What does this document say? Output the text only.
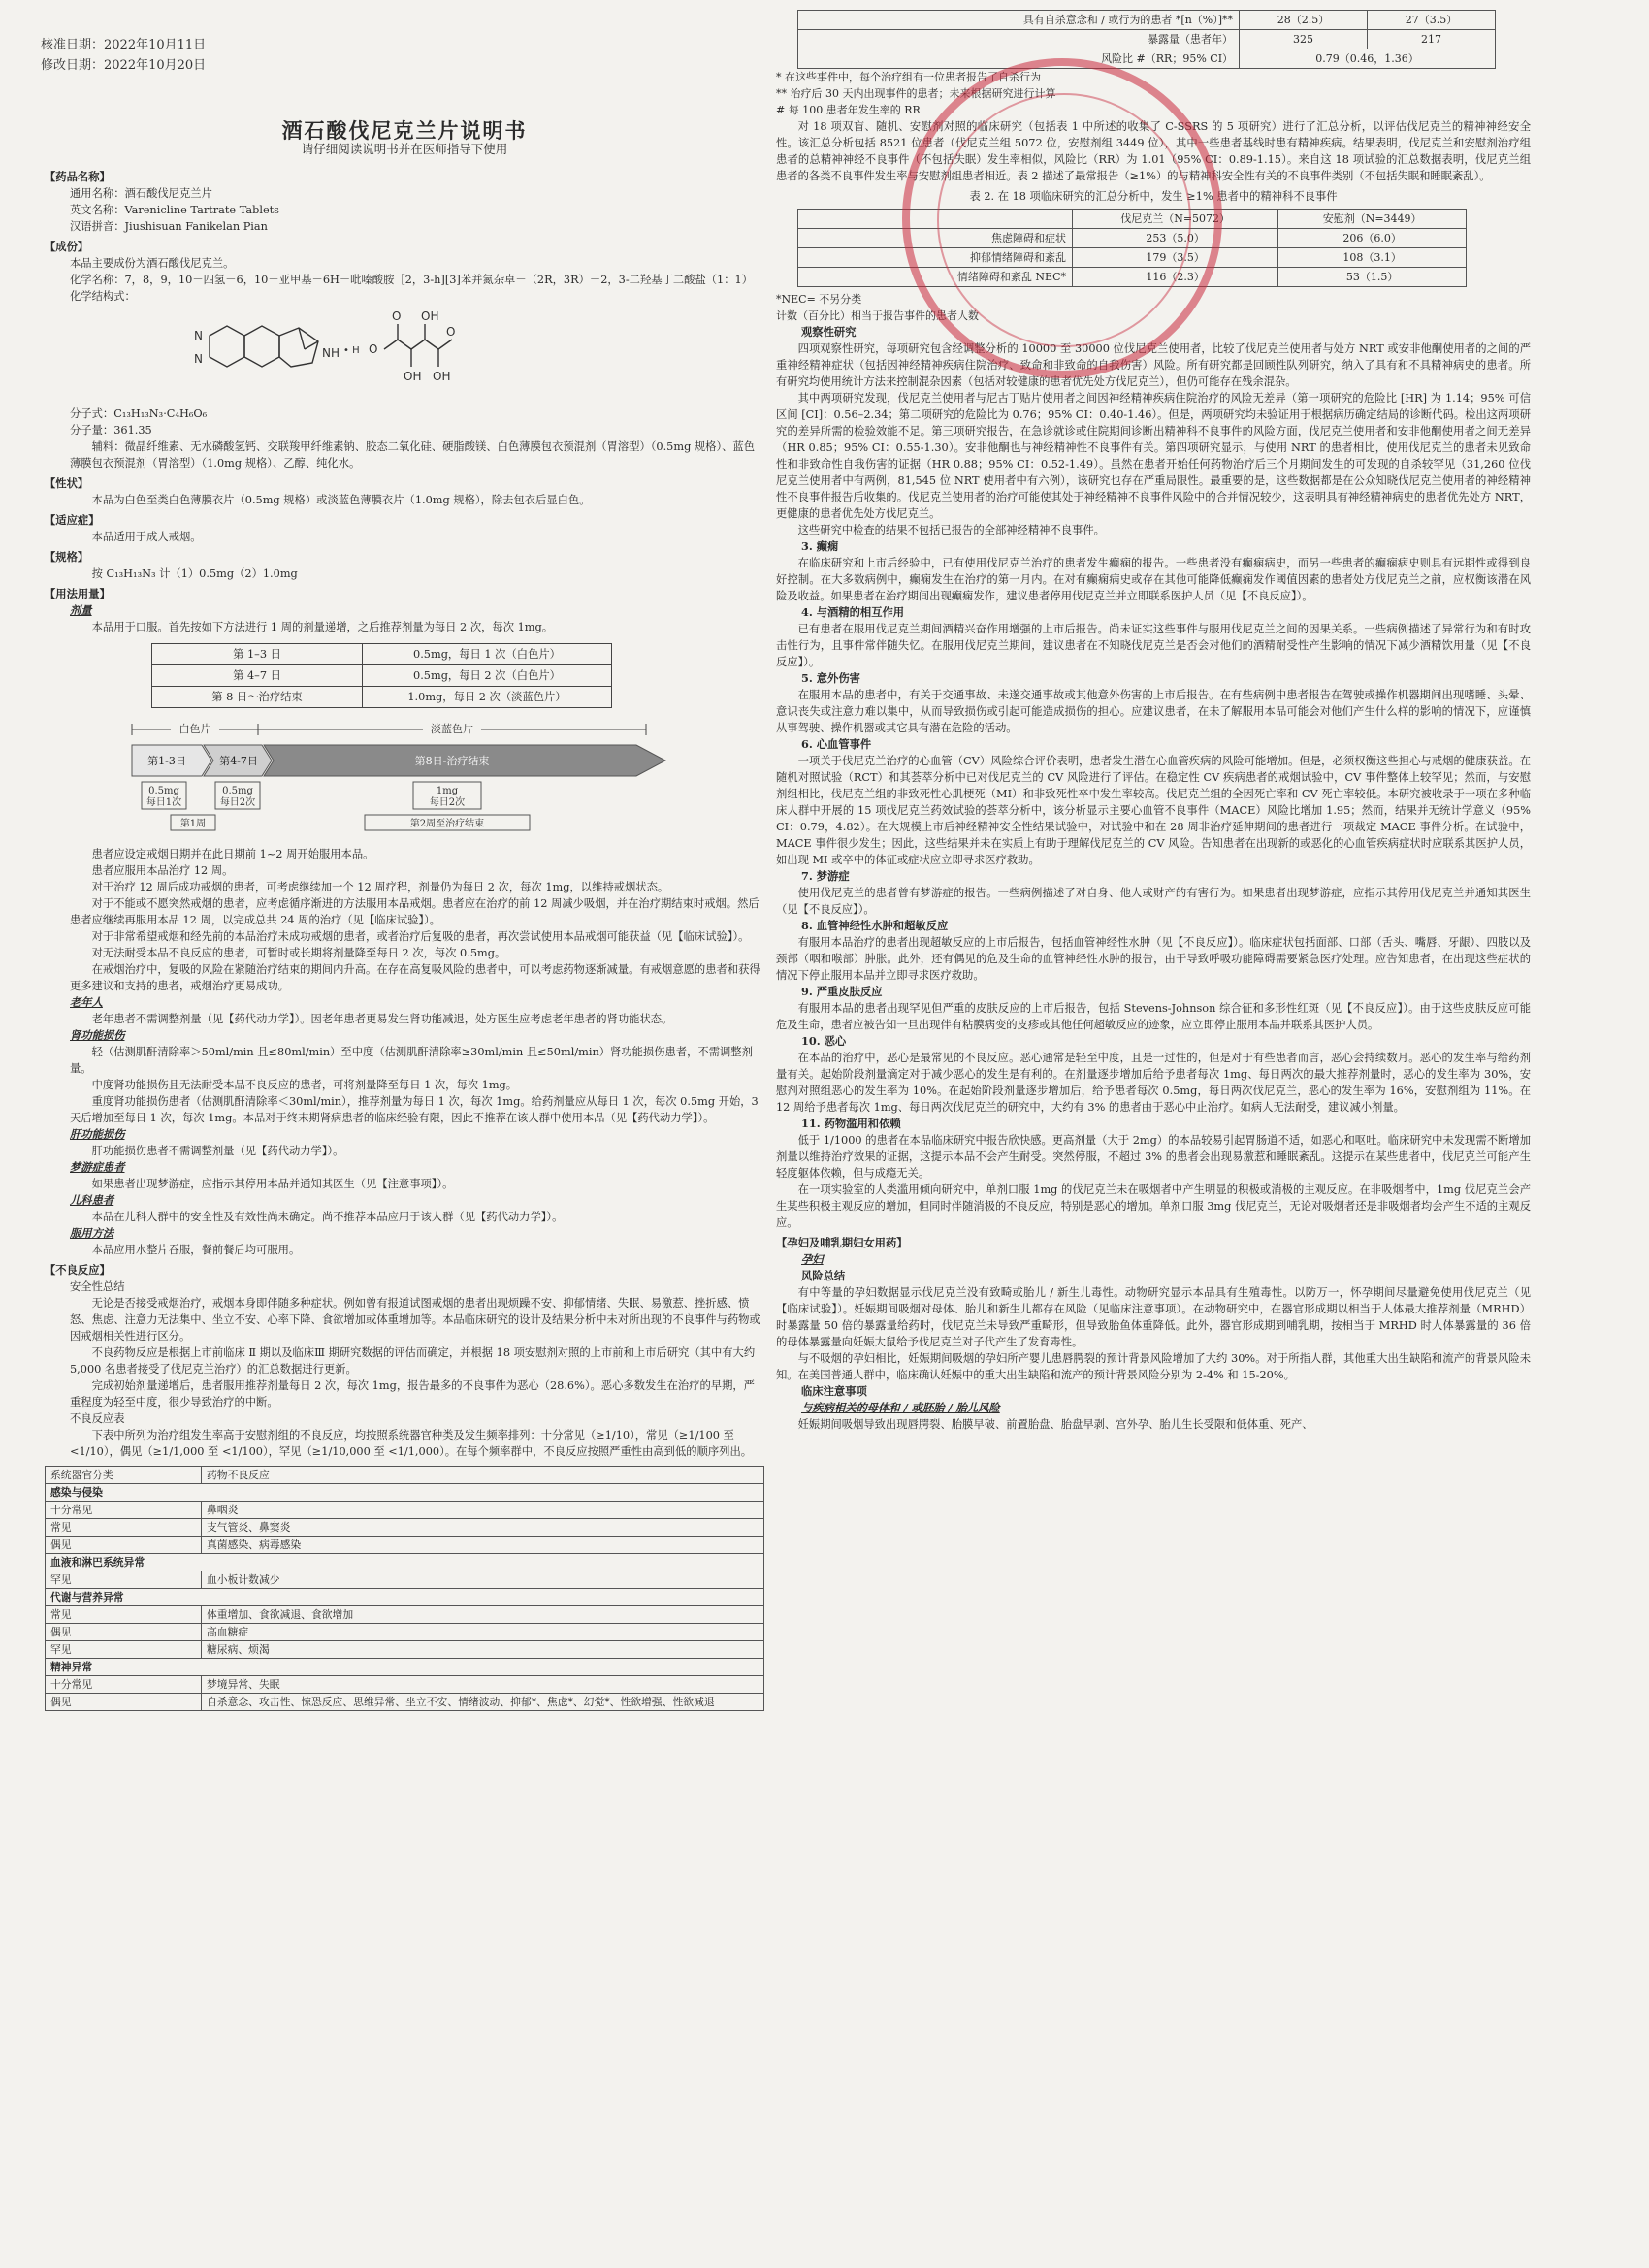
核准日期：2022年10月11日
修改日期：2022年10月20日
酒石酸伐尼克兰片说明书
请仔细阅读说明书并在医师指导下使用
【药品名称】
通用名称：酒石酸伐尼克兰片
英文名称：Varenicline Tartrate Tablets
汉语拼音：Jiushisuan Fanikelan Pian
【成份】
本品主要成份为酒石酸伐尼克兰。
化学名称：7，8，9，10－四氢－6，10－亚甲基－6H－吡嗪酸胺［2，3-h][3]苯并氮杂卓－（2R，3R）－2，3-二羟基丁二酸盐（1：1）
化学结构式：
N
N	NH • H O
O OH
OH
O
OH
分子式：C₁₃H₁₃N₃·C₄H₆O₆
分子量：361.35

辅料：微晶纤维素、无水磷酸氢钙、交联羧甲纤维素钠、胶态二氧化硅、硬脂酸镁、白色薄膜包衣预混剂（胃溶型）（0.5mg 规格）、蓝色薄膜包衣预混剂（胃溶型）（1.0mg 规格）、乙醇、纯化水。

【性状】

本品为白色至类白色薄膜衣片（0.5mg 规格）或淡蓝色薄膜衣片（1.0mg 规格），除去包衣后显白色。

【适应症】

本品适用于成人戒烟。

【规格】

按 C₁₃H₁₃N₃ 计（1）0.5mg（2）1.0mg

【用法用量】
剂量

本品用于口服。首先按如下方法进行 1 周的剂量递增，之后推荐剂量为每日 2 次，每次 1mg。

第 1–3 日	0.5mg，每日 1 次（白色片）
第 4–7 日	0.5mg，每日 2 次（白色片）
第 8 日～治疗结束	1.0mg，每日 2 次（淡蓝色片）
白色片	淡蓝色片
第1-3日	第4-7日	第8日-治疗结束
0.5mg
每日1次
0.5mg
每日2次
1mg
每日2次
第1周	第2周至治疗结束

患者应设定戒烟日期并在此日期前 1~2 周开始服用本品。

患者应服用本品治疗 12 周。

对于治疗 12 周后成功戒烟的患者，可考虑继续加一个 12 周疗程，剂量仍为每日 2 次，每次 1mg，以维持戒烟状态。

对于不能或不愿突然戒烟的患者，应考虑循序渐进的方法服用本品戒烟。患者应在治疗的前 12 周减少吸烟，并在治疗期结束时戒烟。然后患者应继续再服用本品 12 周，以完成总共 24 周的治疗（见【临床试验】）。

对于非常希望戒烟和经先前的本品治疗未成功戒烟的患者，或者治疗后复吸的患者，再次尝试使用本品戒烟可能获益（见【临床试验】）。

对无法耐受本品不良反应的患者，可暂时或长期将剂量降至每日 2 次，每次 0.5mg。

在戒烟治疗中，复吸的风险在紧随治疗结束的期间内升高。在存在高复吸风险的患者中，可以考虑药物逐渐减量。有戒烟意愿的患者和获得更多建议和支持的患者，戒烟治疗更易成功。

老年人

老年患者不需调整剂量（见【药代动力学】）。因老年患者更易发生肾功能减退，处方医生应考虑老年患者的肾功能状态。

肾功能损伤

轻（估测肌酐清除率＞50ml/min 且≤80ml/min）至中度（估测肌酐清除率≥30ml/min 且≤50ml/min）肾功能损伤患者，不需调整剂量。

中度肾功能损伤且无法耐受本品不良反应的患者，可将剂量降至每日 1 次，每次 1mg。

重度肾功能损伤患者（估测肌酐清除率＜30ml/min），推荐剂量为每日 1 次，每次 1mg。给药剂量应从每日 1 次，每次 0.5mg 开始，3 天后增加至每日 1 次，每次 1mg。本品对于终末期肾病患者的临床经验有限，因此不推荐在该人群中使用本品（见【药代动力学】）。

肝功能损伤

肝功能损伤患者不需调整剂量（见【药代动力学】）。

梦游症患者

如果患者出现梦游症，应指示其停用本品并通知其医生（见【注意事项】）。

儿科患者

本品在儿科人群中的安全性及有效性尚未确定。尚不推荐本品应用于该人群（见【药代动力学】）。

服用方法

本品应用水整片吞服，餐前餐后均可服用。

【不良反应】
安全性总结

无论是否接受戒烟治疗，戒烟本身即伴随多种症状。例如曾有报道试图戒烟的患者出现烦躁不安、抑郁情绪、失眠、易激惹、挫折感、愤怒、焦虑、注意力无法集中、坐立不安、心率下降、食欲增加或体重增加等。本品临床研究的设计及结果分析中未对所出现的不良事件与药物或因戒烟相关性进行区分。

不良药物反应是根据上市前临床 Ⅱ 期以及临床Ⅲ 期研究数据的评估而确定，并根据 18 项安慰剂对照的上市前和上市后研究（其中有大约 5,000 名患者接受了伐尼克兰治疗）的汇总数据进行更新。

完成初始剂量递增后，患者服用推荐剂量每日 2 次，每次 1mg，报告最多的不良事件为恶心（28.6%）。恶心多数发生在治疗的早期，严重程度为轻至中度，很少导致治疗的中断。

不良反应表

下表中所列为治疗组发生率高于安慰剂组的不良反应，均按照系统器官种类及发生频率排列：十分常见（≥1/10），常见（≥1/100 至 <1/10），偶见（≥1/1,000 至 <1/100），罕见（≥1/10,000 至 <1/1,000）。在每个频率群中，不良反应按照严重性由高到低的顺序列出。

系统器官分类	药物不良反应
感染与侵染	
十分常见	鼻咽炎
常见	支气管炎、鼻窦炎
偶见	真菌感染、病毒感染
血液和淋巴系统异常	
罕见	血小板计数减少
代谢与营养异常	
常见	体重增加、食欲减退、食欲增加
偶见	高血糖症
罕见	糖尿病、烦渴
精神异常	
十分常见	梦境异常、失眠
偶见	自杀意念、攻击性、惊恐反应、思维异常、坐立不安、情绪波动、抑郁*、焦虑*、幻觉*、性欲增强、性欲减退
具有自杀意念和 / 或行为的患者 *[n（%）]**	28（2.5）	27（3.5）
暴露量（患者年）	325	217
风险比 #（RR；95% CI）	0.79（0.46，1.36）	
* 在这些事件中，每个治疗组有一位患者报告了自杀行为
** 治疗后 30 天内出现事件的患者；未来根据研究进行计算
# 每 100 患者年发生率的 RR

对 18 项双盲、随机、安慰剂对照的临床研究（包括表 1 中所述的收集了 C-SSRS 的 5 项研究）进行了汇总分析，以评估伐尼克兰的精神神经安全性。该汇总分析包括 8521 位患者（伐尼克兰组 5072 位，安慰剂组 3449 位），其中一些患者基线时患有精神疾病。结果表明，伐尼克兰和安慰剂治疗组患者的总精神神经不良事件（不包括失眠）发生率相似，风险比（RR）为 1.01（95% CI：0.89-1.15）。来自这 18 项试验的汇总数据表明，伐尼克兰组患者的各类不良事件发生率与安慰剂组患者相近。表 2 描述了最常报告（≥1%）的与精神科安全性有关的不良事件类别（不包括失眠和睡眠紊乱）。

表 2. 在 18 项临床研究的汇总分析中，发生 ≥1% 患者中的精神科不良事件
	伐尼克兰（N=5072）	安慰剂（N=3449）
焦虑障碍和症状	253（5.0）	206（6.0）
抑郁情绪障碍和紊乱	179（3.5）	108（3.1）
情绪障碍和紊乱 NEC*	116（2.3）	53（1.5）
*NEC= 不另分类
计数（百分比）相当于报告事件的患者人数
观察性研究

四项观察性研究，每项研究包含经调整分析的 10000 至 30000 位伐尼克兰使用者，比较了伐尼克兰使用者与处方 NRT 或安非他酮使用者的之间的严重神经精神症状（包括因神经精神疾病住院治疗、致命和非致命的自我伤害）风险。所有研究都是回顾性队列研究，纳入了具有和不具精神病史的患者。所有研究均使用统计方法来控制混杂因素（包括对较健康的患者优先处方伐尼克兰），但仍可能存在残余混杂。

其中两项研究发现，伐尼克兰使用者与尼古丁贴片使用者之间因神经精神疾病住院治疗的风险无差异（第一项研究的危险比 [HR] 为 1.14；95% 可信区间 [CI]：0.56–2.34；第二项研究的危险比为 0.76；95% CI：0.40-1.46）。但是，两项研究均未验证用于根据病历确定结局的诊断代码。检出这两项研究的差异所需的检验效能不足。第三项研究报告，在急诊就诊或住院期间诊断出精神科不良事件的风险方面，伐尼克兰使用者和安非他酮使用者之间无差异（HR 0.85；95% CI：0.55-1.30）。安非他酮也与神经精神性不良事件有关。第四项研究显示，与使用 NRT 的患者相比，使用伐尼克兰的患者未见致命性和非致命性自我伤害的证据（HR 0.88；95% CI：0.52-1.49）。虽然在患者开始任何药物治疗后三个月期间发生的可发现的自杀较罕见（31,260 位伐尼克兰使用者中有两例，81,545 位 NRT 使用者中有六例），该研究也存在严重局限性。最重要的是，这些数据都是在公众知晓伐尼克兰使用者的神经精神性不良事件报告后收集的。伐尼克兰使用者的治疗可能使其处于神经精神不良事件风险中的合并情况较少，这表明具有神经精神病史的患者优先处方 NRT，更健康的患者优先处方伐尼克兰。

这些研究中检查的结果不包括已报告的全部神经精神不良事件。

3. 癫痫

在临床研究和上市后经验中，已有使用伐尼克兰治疗的患者发生癫痫的报告。一些患者没有癫痫病史，而另一些患者的癫痫病史则具有远期性或得到良好控制。在大多数病例中，癫痫发生在治疗的第一月内。在对有癫痫病史或存在其他可能降低癫痫发作阈值因素的患者处方伐尼克兰之前，应权衡该潜在风险及收益。如果患者在治疗期间出现癫痫发作，建议患者停用伐尼克兰并立即联系医护人员（见【不良反应】）。

4. 与酒精的相互作用

已有患者在服用伐尼克兰期间酒精兴奋作用增强的上市后报告。尚未证实这些事件与服用伐尼克兰之间的因果关系。一些病例描述了异常行为和有时攻击性行为，且事件常伴随失忆。在服用伐尼克兰期间，建议患者在不知晓伐尼克兰是否会对他们的酒精耐受性产生影响的情况下减少酒精饮用量（见【不良反应】）。

5. 意外伤害

在服用本品的患者中，有关于交通事故、未遂交通事故或其他意外伤害的上市后报告。在有些病例中患者报告在驾驶或操作机器期间出现嗜睡、头晕、意识丧失或注意力难以集中，从而导致损伤或引起可能造成损伤的担心。应建议患者，在未了解服用本品可能会对他们产生什么样的影响的情况下，应谨慎从事驾驶、操作机器或其它具有潜在危险的活动。

6. 心血管事件

一项关于伐尼克兰治疗的心血管（CV）风险综合评价表明，患者发生潜在心血管疾病的风险可能增加。但是，必须权衡这些担心与戒烟的健康获益。在随机对照试验（RCT）和其荟萃分析中已对伐尼克兰的 CV 风险进行了评估。在稳定性 CV 疾病患者的戒烟试验中，CV 事件整体上较罕见；然而，与安慰剂组相比，伐尼克兰组的非致死性心肌梗死（MI）和非致死性卒中发生率较高。伐尼克兰组的全因死亡率和 CV 死亡率较低。本研究被收录于一项在多种临床人群中开展的 15 项伐尼克兰药效试验的荟萃分析中，该分析显示主要心血管不良事件（MACE）风险比增加 1.95；然而，结果并无统计学意义（95% CI：0.79，4.82）。在大规模上市后神经精神安全性结果试验中，对试验中和在 28 周非治疗延伸期间的患者进行一项裁定 MACE 事件分析。在试验中，MACE 事件很少发生；因此，这些结果并未在实质上有助于理解伐尼克兰的 CV 风险。告知患者在出现新的或恶化的心血管疾病症状时应联系其医护人员，如出现 MI 或卒中的体征或症状应立即寻求医疗救助。

7. 梦游症

使用伐尼克兰的患者曾有梦游症的报告。一些病例描述了对自身、他人或财产的有害行为。如果患者出现梦游症，应指示其停用伐尼克兰并通知其医生（见【不良反应】）。

8. 血管神经性水肿和超敏反应

有服用本品治疗的患者出现超敏反应的上市后报告，包括血管神经性水肿（见【不良反应】）。临床症状包括面部、口部（舌头、嘴唇、牙龈）、四肢以及颈部（咽和喉部）肿胀。此外，还有偶见的危及生命的血管神经性水肿的报告，由于导致呼吸功能障碍需要紧急医疗处理。应告知患者，在出现这些症状的情况下停止服用本品并立即寻求医疗救助。

9. 严重皮肤反应

有服用本品的患者出现罕见但严重的皮肤反应的上市后报告，包括 Stevens-Johnson 综合征和多形性红斑（见【不良反应】）。由于这些皮肤反应可能危及生命，患者应被告知一旦出现伴有粘膜病变的皮疹或其他任何超敏反应的迹象，应立即停止服用本品并联系其医护人员。

10. 恶心

在本品的治疗中，恶心是最常见的不良反应。恶心通常是轻至中度，且是一过性的，但是对于有些患者而言，恶心会持续数月。恶心的发生率与给药剂量有关。起始阶段剂量滴定对于减少恶心的发生是有利的。在剂量逐步增加后给予患者每次 1mg、每日两次的最大推荐剂量时，恶心的发生率为 30%，安慰剂对照组恶心的发生率为 10%。在起始阶段剂量逐步增加后，给予患者每次 0.5mg，每日两次伐尼克兰，恶心的发生率为 16%，安慰剂组为 11%。在 12 周给予患者每次 1mg、每日两次伐尼克兰的研究中，大约有 3% 的患者由于恶心中止治疗。如病人无法耐受，建议减小剂量。

11. 药物滥用和依赖

低于 1/1000 的患者在本品临床研究中报告欣快感。更高剂量（大于 2mg）的本品较易引起胃肠道不适，如恶心和呕吐。临床研究中未发现需不断增加剂量以维持治疗效果的证据，这提示本品不会产生耐受。突然停服，不超过 3% 的患者会出现易激惹和睡眠紊乱。这提示在某些患者中，伐尼克兰可能产生轻度躯体依赖，但与成瘾无关。

在一项实验室的人类滥用倾向研究中，单剂口服 1mg 的伐尼克兰未在吸烟者中产生明显的积极或消极的主观反应。在非吸烟者中，1mg 伐尼克兰会产生某些积极主观反应的增加，但同时伴随消极的不良反应，特别是恶心的增加。单剂口服 3mg 伐尼克兰，无论对吸烟者还是非吸烟者均会产生不适的主观反应。

【孕妇及哺乳期妇女用药】
孕妇
风险总结

有中等量的孕妇数据显示伐尼克兰没有致畸或胎儿 / 新生儿毒性。动物研究显示本品具有生殖毒性。以防万一，怀孕期间尽量避免使用伐尼克兰（见【临床试验】）。妊娠期间吸烟对母体、胎儿和新生儿都存在风险（见临床注意事项）。在动物研究中，在器官形成期以相当于人体最大推荐剂量（MRHD）时暴露量 50 倍的暴露量给药时，伐尼克兰未导致严重畸形，但导致胎鱼体重降低。此外，器官形成期到哺乳期，按相当于 MRHD 时人体暴露量的 36 倍的母体暴露量向妊娠大鼠给予伐尼克兰对子代产生了发育毒性。

与不吸烟的孕妇相比，妊娠期间吸烟的孕妇所产婴儿患唇腭裂的预计背景风险增加了大约 30%。对于所指人群，其他重大出生缺陷和流产的背景风险未知。在美国普通人群中，临床确认妊娠中的重大出生缺陷和流产的预计背景风险分别为 2-4% 和 15-20%。

临床注意事项
与疾病相关的母体和 / 或胚胎 / 胎儿风险

妊娠期间吸烟导致出现唇腭裂、胎膜早破、前置胎盘、胎盘早剥、宫外孕、胎儿生长受限和低体重、死产、
